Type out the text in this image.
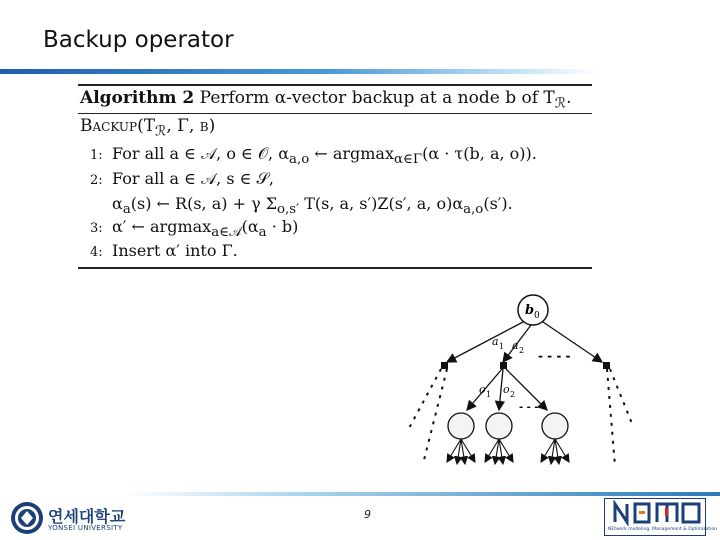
Backup operator
Algorithm 2 Perform α-vector backup at a node b of $T_ℛ$.
$Backup(T_ℛ$, Γ, b)
1: For all a ∈ 𝒜, o ∈ 𝒪, $\alpha_{a,o}$ ← argmax$_{\alpha\in\Gamma}$(α · τ(b, a, o)).
2: For all a ∈ 𝒜, s ∈ 𝒮,
$\alpha_a(s)$ ← R(s, a) + γ $\Sigma_{o,s'}$ T(s, a, s′)Z(s′, a, $o)\alpha_{a,o}(s')$.
3: α′ ← $argmax_{a\in 𝒜}(\alpha_a \cdot b)$
4: Insert α′ into Γ.
b 0
a 1 a 2 - - - -
o 1 o 2
- - - -
연세대학교
YONSEI UNIVERSITY
9
NEtwork modeling, Management & Optimization
